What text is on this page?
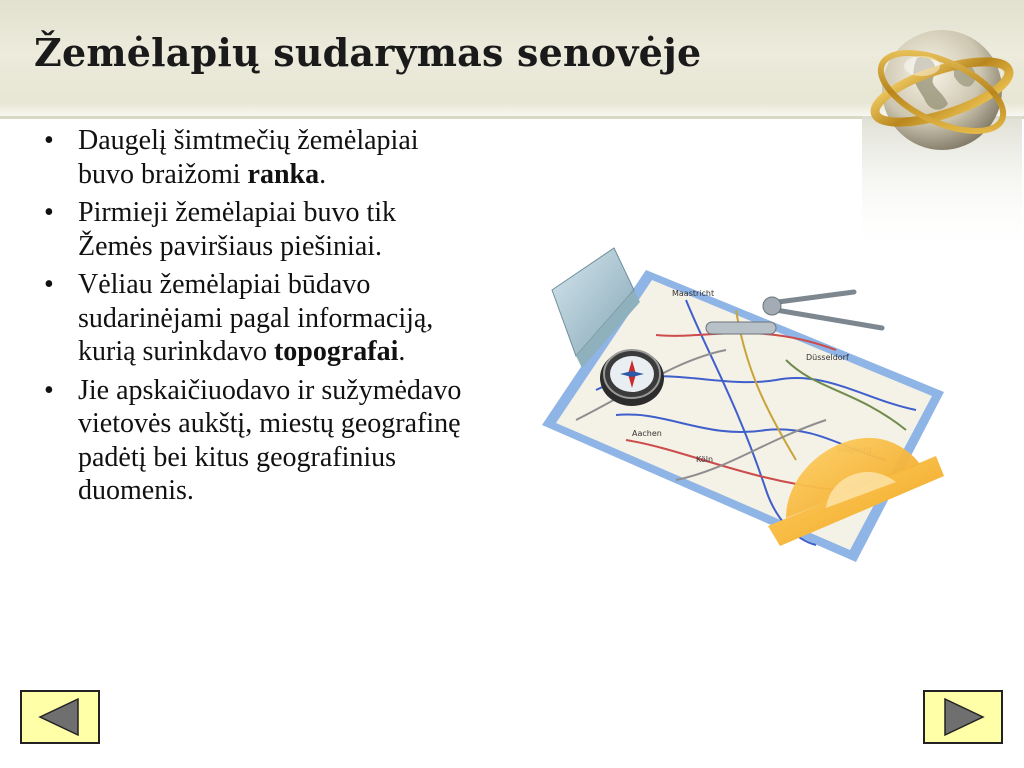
Žemėlapių sudarymas senovėje
• Daugelį šimtmečių žemėlapiai buvo braižomi ranka.
• Pirmieji žemėlapiai buvo tik Žemės paviršiaus piešiniai.
• Vėliau žemėlapiai būdavo sudarinėjami pagal informaciją, kurią surinkdavo topografai.
• Jie apskaičiuodavo ir sužymėdavo vietovės aukštį, miestų geografinę padėtį bei kitus geografinius duomenis.
Maastricht
Aachen
Düsseldorf
Köln
